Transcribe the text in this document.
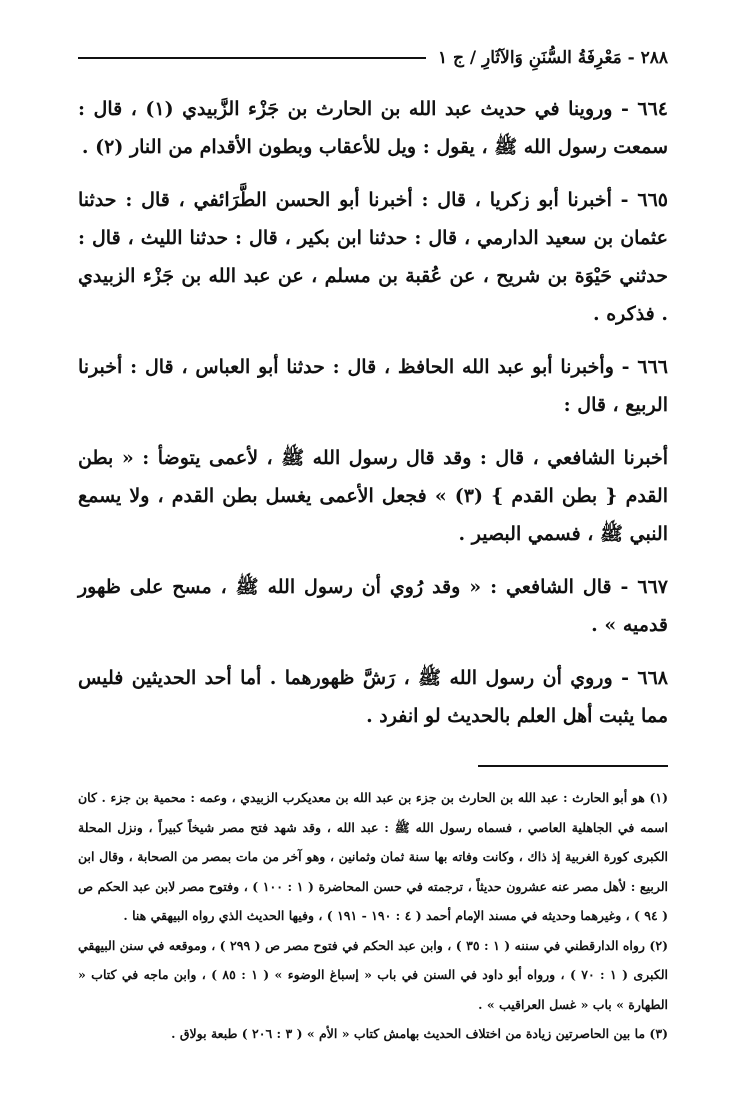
٢٨٨ - مَعْرِفَةُ السُّنَنِ وَالآثَارِ / ج ١

٦٦٤ - وروينا في حديث عبد الله بن الحارث بن جَزْء الزَّبيدي (١) ، قال : سمعت رسول الله ﷺ ، يقول : ويل للأعقاب وبطون الأقدام من النار (٢) .

٦٦٥ - أخبرنا أبو زكريا ، قال : أخبرنا أبو الحسن الطَّرَائفي ، قال : حدثنا عثمان بن سعيد الدارمي ، قال : حدثنا ابن بكير ، قال : حدثنا الليث ، قال : حدثني حَيْوَة بن شريح ، عن عُقبة بن مسلم ، عن عبد الله بن جَزْء الزبيدي . فذكره .

٦٦٦ - وأخبرنا أبو عبد الله الحافظ ، قال : حدثنا أبو العباس ، قال : أخبرنا الربيع ، قال :

أخبرنا الشافعي ، قال : وقد قال رسول الله ﷺ ، لأعمى يتوضأ : « بطن القدم { بطن القدم } (٣) » فجعل الأعمى يغسل بطن القدم ، ولا يسمع النبي ﷺ ، فسمي البصير .

٦٦٧ - قال الشافعي : « وقد رُوي أن رسول الله ﷺ ، مسح على ظهور قدميه » .

٦٦٨ - وروي أن رسول الله ﷺ ، رَشَّ ظهورهما . أما أحد الحديثين فليس مما يثبت أهل العلم بالحديث لو انفرد .

(١) هو أبو الحارث : عبد الله بن الحارث بن جزء بن عبد الله بن معديكرب الزبيدي ، وعمه : محمية بن جزء . كان اسمه في الجاهلية العاصي ، فسماه رسول الله ﷺ : عبد الله ، وقد شهد فتح مصر شيخاً كبيراً ، ونزل المحلة الكبرى كورة الغربية إذ ذاك ، وكانت وفاته بها سنة ثمان وثمانين ، وهو آخر من مات بمصر من الصحابة ، وقال ابن الربيع : لأهل مصر عنه عشرون حديثاً ، ترجمته في حسن المحاضرة ( ١ : ١٠٠ ) ، وفتوح مصر لابن عبد الحكم ص ( ٩٤ ) ، وغيرهما وحديثه في مسند الإمام أحمد ( ٤ : ١٩٠ - ١٩١ ) ، وفيها الحديث الذي رواه البيهقي هنا .

(٢) رواه الدارقطني في سننه ( ١ : ٣٥ ) ، وابن عبد الحكم في فتوح مصر ص ( ٢٩٩ ) ، وموقعه في سنن البيهقي الكبرى ( ١ : ٧٠ ) ، ورواه أبو داود في السنن في باب « إسباغ الوضوء » ( ١ : ٨٥ ) ، وابن ماجه في كتاب « الطهارة » باب « غسل العراقيب » .

(٣) ما بين الحاصرتين زيادة من اختلاف الحديث بهامش كتاب « الأم » ( ٣ : ٢٠٦ ) طبعة بولاق .
